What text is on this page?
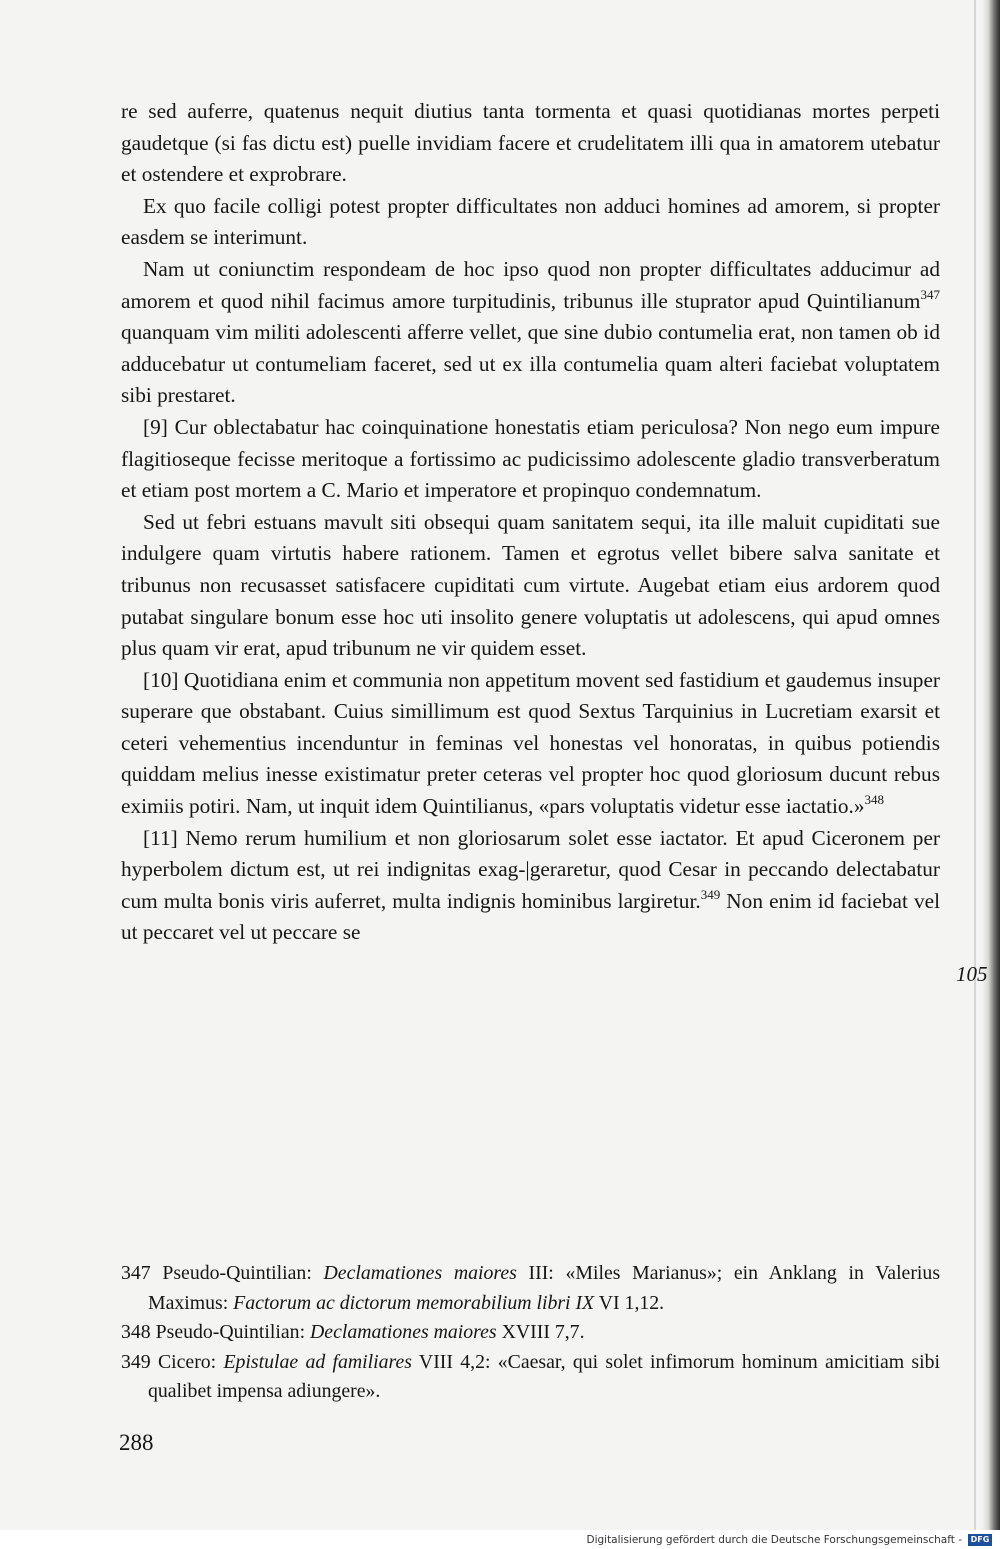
re sed auferre, quatenus nequit diutius tanta tormenta et quasi quotidianas mortes perpeti gaudetque (si fas dictu est) puelle invidiam facere et crudelitatem illi qua in amatorem utebatur et ostendere et exprobrare.

Ex quo facile colligi potest propter difficultates non adduci homines ad amorem, si propter easdem se interimunt.

Nam ut coniunctim respondeam de hoc ipso quod non propter difficultates adducimur ad amorem et quod nihil facimus amore turpitudinis, tribunus ille stuprator apud Quintilianum$^{347}$ quanquam vim militi adolescenti afferre vellet, que sine dubio contumelia erat, non tamen ob id adducebatur ut contumeliam faceret, sed ut ex illa contumelia quam alteri faciebat voluptatem sibi prestaret.

[9] Cur oblectabatur hac coinquinatione honestatis etiam periculosa? Non nego eum impure flagitioseque fecisse meritoque a fortissimo ac pudicissimo adolescente gladio transverberatum et etiam post mortem a C. Mario et imperatore et propinquo condemnatum.

Sed ut febri estuans mavult siti obsequi quam sanitatem sequi, ita ille maluit cupiditati sue indulgere quam virtutis habere rationem. Tamen et egrotus vellet bibere salva sanitate et tribunus non recusasset satisfacere cupiditati cum virtute. Augebat etiam eius ardorem quod putabat singulare bonum esse hoc uti insolito genere voluptatis ut adolescens, qui apud omnes plus quam vir erat, apud tribunum ne vir quidem esset.

[10] Quotidiana enim et communia non appetitum movent sed fastidium et gaudemus insuper superare que obstabant. Cuius simillimum est quod Sextus Tarquinius in Lucretiam exarsit et ceteri vehementius incenduntur in feminas vel honestas vel honoratas, in quibus potiendis quiddam melius inesse existimatur preter ceteras vel propter hoc quod gloriosum ducunt rebus eximiis potiri. Nam, ut inquit idem Quintilianus, «pars voluptatis videtur esse iactatio.»$^{348}$

[11] Nemo rerum humilium et non gloriosarum solet esse iactator. Et apud Ciceronem per hyperbolem dictum est, ut rei indignitas exag-|geraretur, quod Cesar in peccando delectabatur cum multa bonis viris auferret, multa indignis hominibus largiretur.$^{349}$ Non enim id faciebat vel ut peccaret vel ut peccare se

105

347 Pseudo-Quintilian: Declamationes maiores III: «Miles Marianus»; ein Anklang in Valerius Maximus: Factorum ac dictorum memorabilium libri IX VI 1,12.

348 Pseudo-Quintilian: Declamationes maiores XVIII 7,7.

349 Cicero: Epistulae ad familiares VIII 4,2: «Caesar, qui solet infimorum hominum amicitiam sibi qualibet impensa adiungere».

288
Digitalisierung gefördert durch die Deutsche Forschungsgemeinschaft -	DFG
